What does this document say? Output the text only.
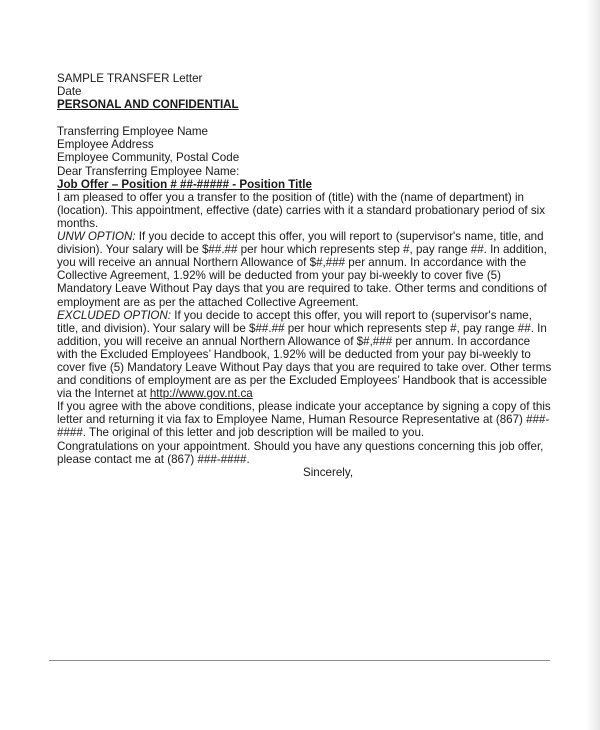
SAMPLE TRANSFER Letter

Date

PERSONAL AND CONFIDENTIAL

Transferring Employee Name

Employee Address

Employee Community, Postal Code

Dear Transferring Employee Name:

Job Offer – Position # ##-##### - Position Title

I am pleased to offer you a transfer to the position of (title) with the (name of department) in (location). This appointment, effective (date) carries with it a standard probationary period of six months.

UNW OPTION: If you decide to accept this offer, you will report to (supervisor's name, title, and division). Your salary will be $##.## per hour which represents step #, pay range ##. In addition, you will receive an annual Northern Allowance of $#,### per annum. In accordance with the Collective Agreement, 1.92% will be deducted from your pay bi-weekly to cover five (5) Mandatory Leave Without Pay days that you are required to take. Other terms and conditions of employment are as per the attached Collective Agreement.

EXCLUDED OPTION: If you decide to accept this offer, you will report to (supervisor's name, title, and division). Your salary will be $##.## per hour which represents step #, pay range ##. In addition, you will receive an annual Northern Allowance of $#,### per annum. In accordance with the Excluded Employees’ Handbook, 1.92% will be deducted from your pay bi-weekly to cover five (5) Mandatory Leave Without Pay days that you are required to take over. Other terms and conditions of employment are as per the Excluded Employees’ Handbook that is accessible via the Internet at http://www.gov.nt.ca

If you agree with the above conditions, please indicate your acceptance by signing a copy of this letter and returning it via fax to Employee Name, Human Resource Representative at (867) ###-####. The original of this letter and job description will be mailed to you.

Congratulations on your appointment. Should you have any questions concerning this job offer, please contact me at (867) ###-####.

Sincerely,
